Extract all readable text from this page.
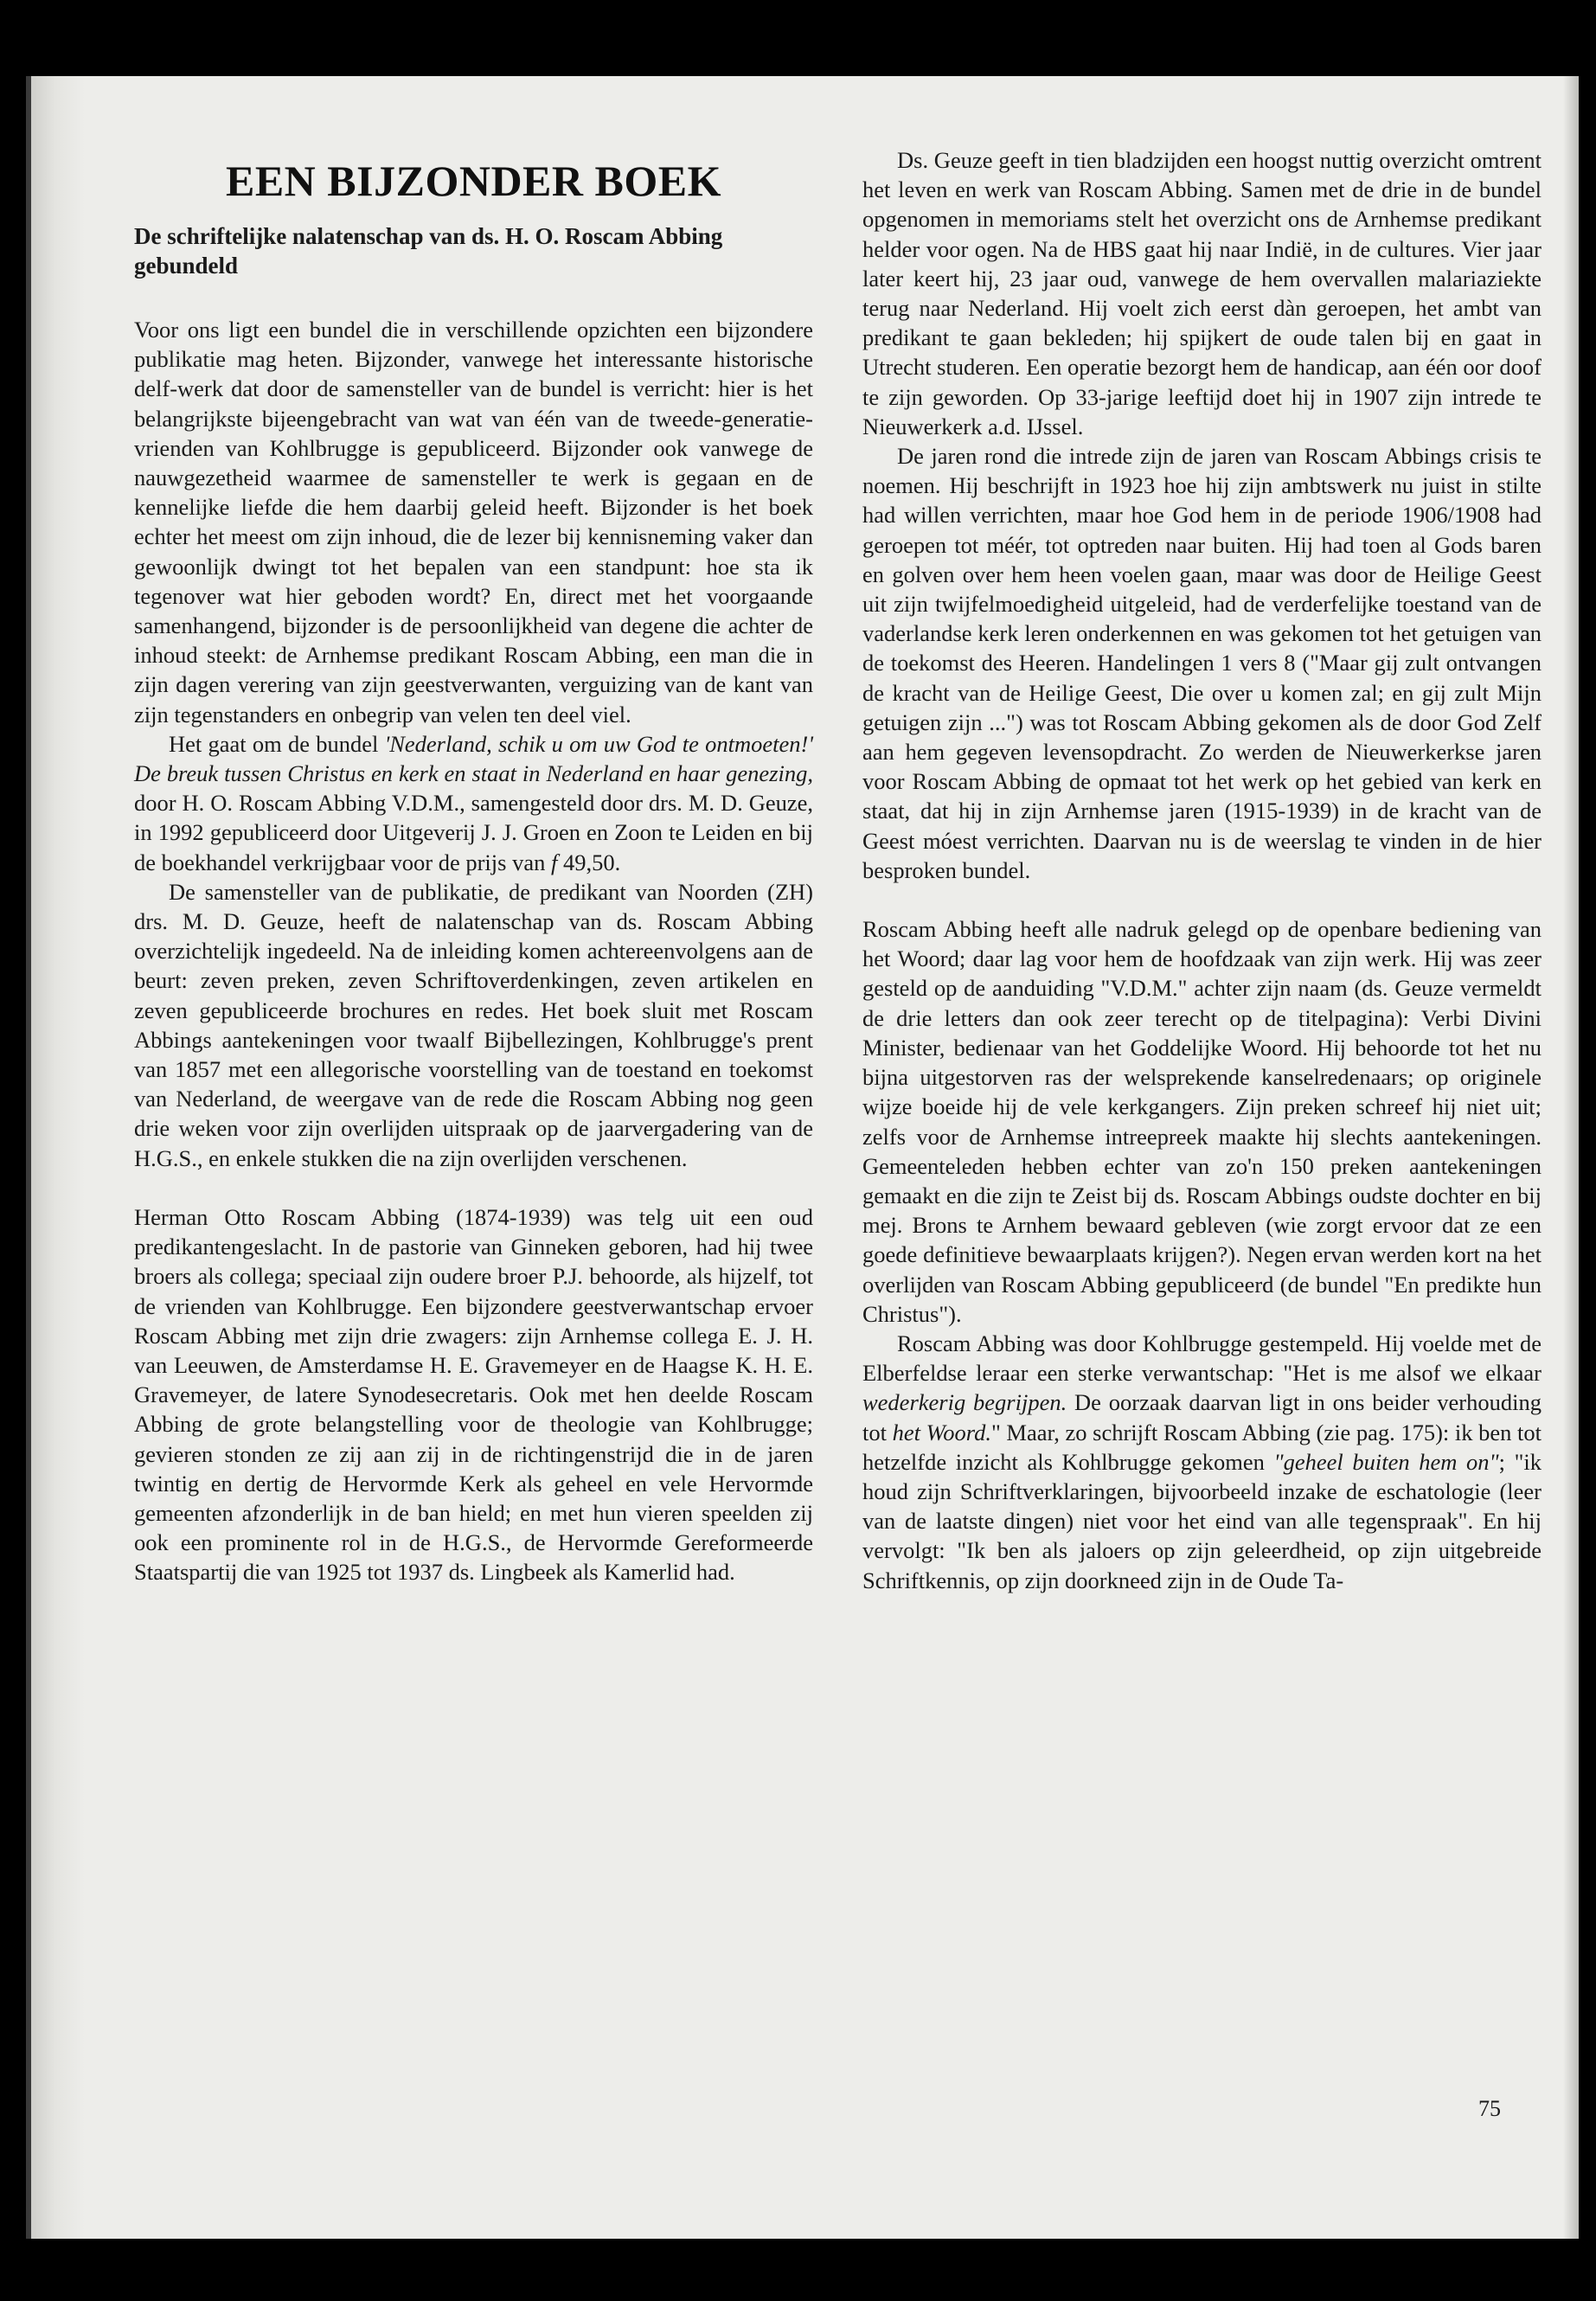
EEN BIJZONDER BOEK
De schriftelijke nalatenschap van ds. H. O. Roscam Abbing gebundeld

Voor ons ligt een bundel die in verschillende opzichten een bijzondere publikatie mag heten. Bijzonder, vanwege het interessante historische delf-werk dat door de samensteller van de bundel is verricht: hier is het belangrijkste bijeengebracht van wat van één van de tweede-generatie-vrienden van Kohlbrugge is gepubliceerd. Bijzonder ook vanwege de nauwgezetheid waarmee de samensteller te werk is gegaan en de kennelijke liefde die hem daarbij geleid heeft. Bijzonder is het boek echter het meest om zijn inhoud, die de lezer bij kennisneming vaker dan gewoonlijk dwingt tot het bepalen van een standpunt: hoe sta ik tegenover wat hier geboden wordt? En, direct met het voorgaande samenhangend, bijzonder is de persoonlijkheid van degene die achter de inhoud steekt: de Arnhemse predikant Roscam Abbing, een man die in zijn dagen verering van zijn geestverwanten, verguizing van de kant van zijn tegenstanders en onbegrip van velen ten deel viel.

Het gaat om de bundel 'Nederland, schik u om uw God te ontmoeten!' De breuk tussen Christus en kerk en staat in Nederland en haar genezing, door H. O. Roscam Abbing V.D.M., samengesteld door drs. M. D. Geuze, in 1992 gepubliceerd door Uitgeverij J. J. Groen en Zoon te Leiden en bij de boekhandel verkrijgbaar voor de prijs van f 49,50.

De samensteller van de publikatie, de predikant van Noorden (ZH) drs. M. D. Geuze, heeft de nalatenschap van ds. Roscam Abbing overzichtelijk ingedeeld. Na de inleiding komen achtereenvolgens aan de beurt: zeven preken, zeven Schriftoverdenkingen, zeven artikelen en zeven gepubliceerde brochures en redes. Het boek sluit met Roscam Abbings aantekeningen voor twaalf Bijbellezingen, Kohlbrugge's prent van 1857 met een allegorische voorstelling van de toestand en toekomst van Nederland, de weergave van de rede die Roscam Abbing nog geen drie weken voor zijn overlijden uitspraak op de jaarvergadering van de H.G.S., en enkele stukken die na zijn overlijden verschenen.

Herman Otto Roscam Abbing (1874-1939) was telg uit een oud predikantengeslacht. In de pastorie van Ginneken geboren, had hij twee broers als collega; speciaal zijn oudere broer P.J. behoorde, als hijzelf, tot de vrienden van Kohlbrugge. Een bijzondere geestverwantschap ervoer Roscam Abbing met zijn drie zwagers: zijn Arnhemse collega E. J. H. van Leeuwen, de Amsterdamse H. E. Gravemeyer en de Haagse K. H. E. Gravemeyer, de latere Synodesecretaris. Ook met hen deelde Roscam Abbing de grote belangstelling voor de theologie van Kohlbrugge; gevieren stonden ze zij aan zij in de richtingenstrijd die in de jaren twintig en dertig de Hervormde Kerk als geheel en vele Hervormde gemeenten afzonderlijk in de ban hield; en met hun vieren speelden zij ook een prominente rol in de H.G.S., de Hervormde Gereformeerde Staatspartij die van 1925 tot 1937 ds. Lingbeek als Kamerlid had.

Ds. Geuze geeft in tien bladzijden een hoogst nuttig overzicht omtrent het leven en werk van Roscam Abbing. Samen met de drie in de bundel opgenomen in memoriams stelt het overzicht ons de Arnhemse predikant helder voor ogen. Na de HBS gaat hij naar Indië, in de cultures. Vier jaar later keert hij, 23 jaar oud, vanwege de hem overvallen malariaziekte terug naar Nederland. Hij voelt zich eerst dàn geroepen, het ambt van predikant te gaan bekleden; hij spijkert de oude talen bij en gaat in Utrecht studeren. Een operatie bezorgt hem de handicap, aan één oor doof te zijn geworden. Op 33-jarige leeftijd doet hij in 1907 zijn intrede te Nieuwerkerk a.d. IJssel.

De jaren rond die intrede zijn de jaren van Roscam Abbings crisis te noemen. Hij beschrijft in 1923 hoe hij zijn ambtswerk nu juist in stilte had willen verrichten, maar hoe God hem in de periode 1906/1908 had geroepen tot méér, tot optreden naar buiten. Hij had toen al Gods baren en golven over hem heen voelen gaan, maar was door de Heilige Geest uit zijn twijfelmoedigheid uitgeleid, had de verderfelijke toestand van de vaderlandse kerk leren onderkennen en was gekomen tot het getuigen van de toekomst des Heeren. Handelingen 1 vers 8 ("Maar gij zult ontvangen de kracht van de Heilige Geest, Die over u komen zal; en gij zult Mijn getuigen zijn ...") was tot Roscam Abbing gekomen als de door God Zelf aan hem gegeven levensopdracht. Zo werden de Nieuwerkerkse jaren voor Roscam Abbing de opmaat tot het werk op het gebied van kerk en staat, dat hij in zijn Arnhemse jaren (1915-1939) in de kracht van de Geest móest verrichten. Daarvan nu is de weerslag te vinden in de hier besproken bundel.

Roscam Abbing heeft alle nadruk gelegd op de openbare bediening van het Woord; daar lag voor hem de hoofdzaak van zijn werk. Hij was zeer gesteld op de aanduiding "V.D.M." achter zijn naam (ds. Geuze vermeldt de drie letters dan ook zeer terecht op de titelpagina): Verbi Divini Minister, bedienaar van het Goddelijke Woord. Hij behoorde tot het nu bijna uitgestorven ras der welsprekende kanselredenaars; op originele wijze boeide hij de vele kerkgangers. Zijn preken schreef hij niet uit; zelfs voor de Arnhemse intreepreek maakte hij slechts aantekeningen. Gemeenteleden hebben echter van zo'n 150 preken aantekeningen gemaakt en die zijn te Zeist bij ds. Roscam Abbings oudste dochter en bij mej. Brons te Arnhem bewaard gebleven (wie zorgt ervoor dat ze een goede definitieve bewaarplaats krijgen?). Negen ervan werden kort na het overlijden van Roscam Abbing gepubliceerd (de bundel "En predikte hun Christus").

Roscam Abbing was door Kohlbrugge gestempeld. Hij voelde met de Elberfeldse leraar een sterke verwantschap: "Het is me alsof we elkaar wederkerig begrijpen. De oorzaak daarvan ligt in ons beider verhouding tot het Woord." Maar, zo schrijft Roscam Abbing (zie pag. 175): ik ben tot hetzelfde inzicht als Kohlbrugge gekomen "geheel buiten hem on"; "ik houd zijn Schriftverklaringen, bijvoorbeeld inzake de eschatologie (leer van de laatste dingen) niet voor het eind van alle tegenspraak". En hij vervolgt: "Ik ben als jaloers op zijn geleerdheid, op zijn uitgebreide Schriftkennis, op zijn doorkneed zijn in de Oude Ta-

75
